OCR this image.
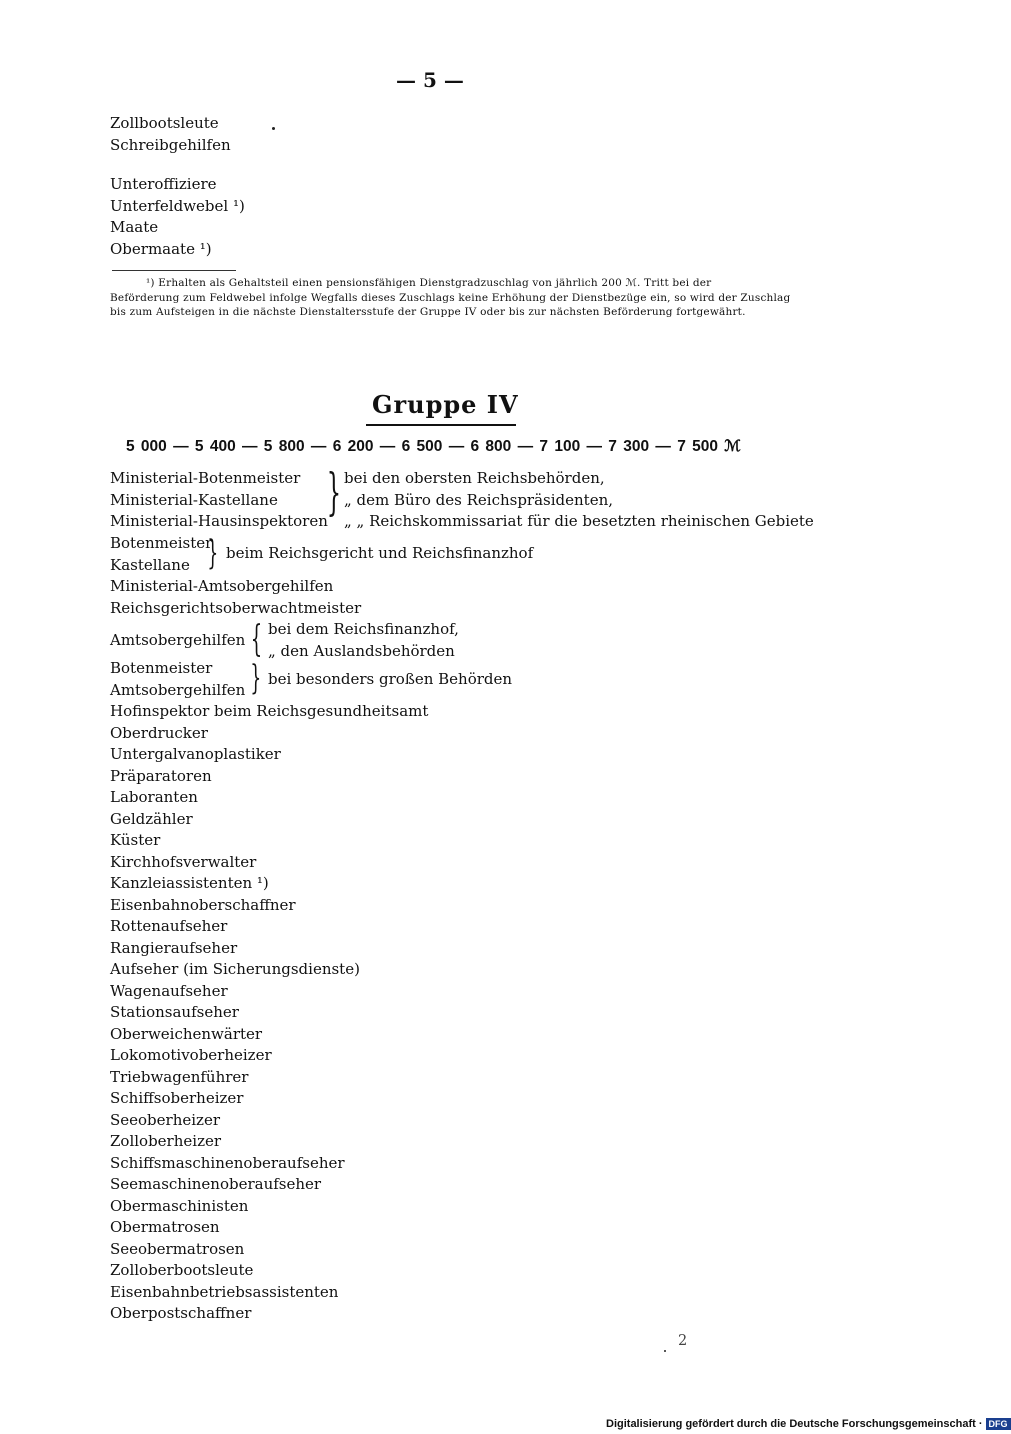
— 5 —
Zollbootsleute
Schreibgehilfen
Unteroffiziere
Unterfeldwebel ¹)
Maate
Obermaate ¹)
¹) Erhalten als Gehaltsteil einen pensionsfähigen Dienstgradzuschlag von jährlich 200 ℳ. Tritt bei der
Beförderung zum Feldwebel infolge Wegfalls dieses Zuschlags keine Erhöhung der Dienstbezüge ein, so wird der Zuschlag
bis zum Aufsteigen in die nächste Dienstaltersstufe der Gruppe IV oder bis zur nächsten Beförderung fortgewährt.
Gruppe IV
5 000 — 5 400 — 5 800 — 6 200 — 6 500 — 6 800 — 7 100 — 7 300 — 7 500 ℳ
Ministerial-Botenmeister
Ministerial-Kastellane
Ministerial-Hausinspektoren
} bei den obersten Reichsbehörden,
„ dem Büro des Reichspräsidenten,
„ „ Reichskommissariat für die besetzten rheinischen Gebiete
Botenmeister
Kastellane } beim Reichsgericht und Reichsfinanzhof
Ministerial-Amtsobergehilfen
Reichsgerichtsoberwachtmeister
Amtsobergehilfen { bei dem Reichsfinanzhof,
„ den Auslandsbehörden
Botenmeister
Amtsobergehilfen } bei besonders großen Behörden
Hofinspektor beim Reichsgesundheitsamt
Oberdrucker
Untergalvanoplastiker
Präparatoren
Laboranten
Geldzähler
Küster
Kirchhofsverwalter
Kanzleiassistenten ¹)
Eisenbahnoberschaffner
Rottenaufseher
Rangieraufseher
Aufseher (im Sicherungsdienste)
Wagenaufseher
Stationsaufseher
Oberweichenwärter
Lokomotivoberheizer
Triebwagenführer
Schiffsoberheizer
Seeoberheizer
Zolloberheizer
Schiffsmaschinenoberaufseher
Seemaschinenoberaufseher
Obermaschinisten
Obermatrosen
Seeobermatrosen
Zolloberbootsleute
Eisenbahnbetriebsassistenten
Oberpostschaffner
2
Digitalisierung gefördert durch die Deutsche Forschungsgemeinschaft · DFG
